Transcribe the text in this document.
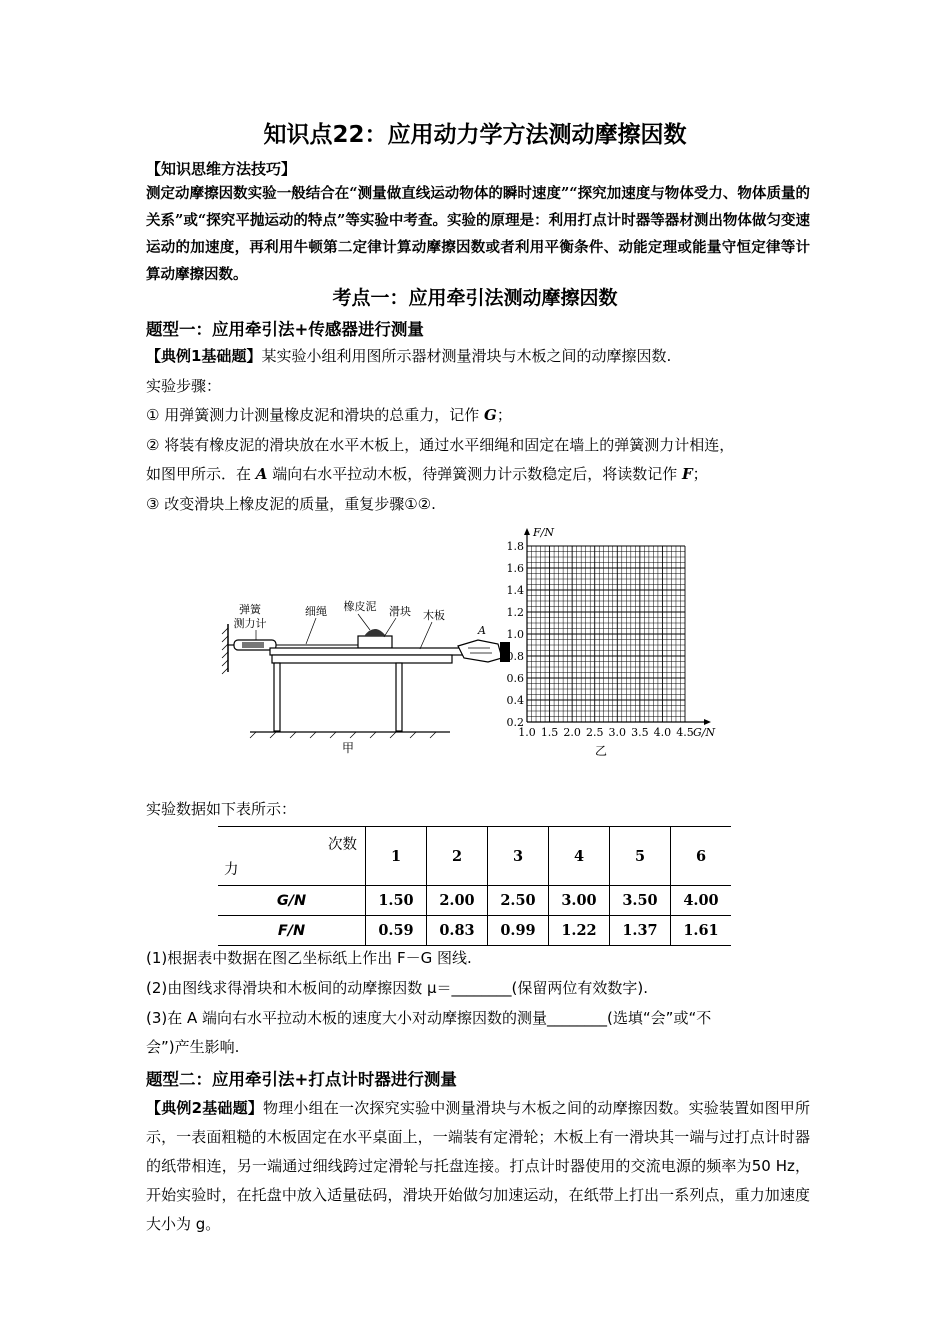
知识点22：应用动力学方法测动摩擦因数
【知识思维方法技巧】

测定动摩擦因数实验一般结合在“测量做直线运动物体的瞬时速度”“探究加速度与物体受力、物体质量的关系”或“探究平抛运动的特点”等实验中考查。实验的原理是：利用打点计时器等器材测出物体做匀变速运动的加速度，再利用牛顿第二定律计算动摩擦因数或者利用平衡条件、动能定理或能量守恒定律等计算动摩擦因数。

考点一：应用牵引法测动摩擦因数
题型一：应用牵引法+传感器进行测量
【典例1基础题】某实验小组利用图所示器材测量滑块与木板之间的动摩擦因数.
实验步骤：
① 用弹簧测力计测量橡皮泥和滑块的总重力，记作 G；
② 将装有橡皮泥的滑块放在水平木板上，通过水平细绳和固定在墙上的弹簧测力计相连，
如图甲所示．在 A 端向右水平拉动木板，待弹簧测力计示数稳定后，将读数记作 F；
③ 改变滑块上橡皮泥的质量，重复步骤①②.
弹簧
测力计
细绳 橡皮泥 滑块 木板
A
甲
1.0 1.5 2.0 2.5 3.0 3.5 4.0 4.5
0.2
0.4
0.6
0.8
1.0
1.2
1.4
1.6
1.8
G/N
F/N
乙
实验数据如下表所示：
次数
力	1	2	3	4	5	6
G/N	1.50	2.00	2.50	3.00	3.50	4.00
F/N	0.59	0.83	0.99	1.22	1.37	1.61
(1)根据表中数据在图乙坐标纸上作出 F－G 图线.
(2)由图线求得滑块和木板间的动摩擦因数 μ＝________(保留两位有效数字).
(3)在 A 端向右水平拉动木板的速度大小对动摩擦因数的测量________(选填“会”或“不
会”)产生影响.
题型二：应用牵引法+打点计时器进行测量

【典例2基础题】物理小组在一次探究实验中测量滑块与木板之间的动摩擦因数。实验装置如图甲所示，一表面粗糙的木板固定在水平桌面上，一端装有定滑轮；木板上有一滑块其一端与过打点计时器的纸带相连，另一端通过细线跨过定滑轮与托盘连接。打点计时器使用的交流电源的频率为50 Hz，开始实验时，在托盘中放入适量砝码，滑块开始做匀加速运动，在纸带上打出一系列点，重力加速度大小为 g。
